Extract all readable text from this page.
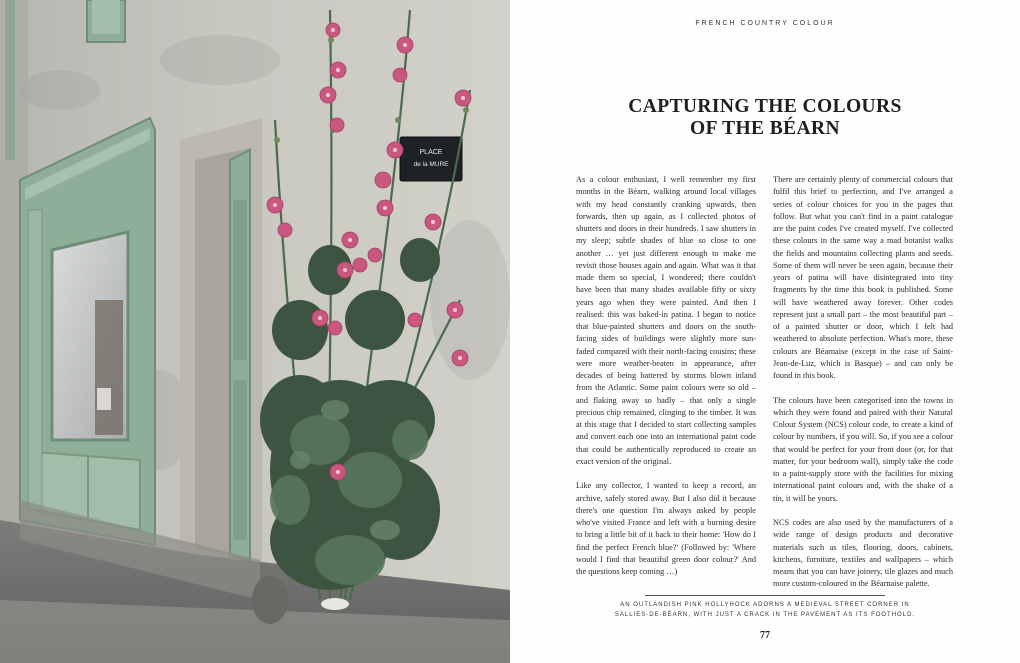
PLACE
de la MURE
FRENCH COUNTRY COLOUR
CAPTURING THE COLOURS
OF THE BÉARN

As a colour enthusiast, I well remember my first months in the Béarn, walking around local villages with my head constantly cranking upwards, then forwards, then up again, as I collected photos of shutters and doors in their hundreds. I saw shutters in my sleep; subtle shades of blue so close to one another … yet just different enough to make me revisit those houses again and again. What was it that made them so special, I wondered; there couldn't have been that many shades available fifty or sixty years ago when they were painted. And then I realised: this was baked-in patina. I began to notice that blue-painted shutters and doors on the south-facing sides of buildings were slightly more sun-faded compared with their north-facing cousins; these were more weather-beaten in appearance, after decades of being battered by storms blown inland from the Atlantic. Some paint colours were so old – and flaking away so badly – that only a single precious chip remained, clinging to the timber. It was at this stage that I decided to start collecting samples and convert each one into an international paint code that could be authentically reproduced to create an exact version of the original.

Like any collector, I wanted to keep a record, an archive, safely stored away. But I also did it because there's one question I'm always asked by people who've visited France and left with a burning desire to bring a little bit of it back to their home: 'How do I find the perfect French blue?' (Followed by: 'Where would I find that beautiful green door colour?' And the questions keep coming …)

There are certainly plenty of commercial colours that fulfil this brief to perfection, and I've arranged a series of colour choices for you in the pages that follow. But what you can't find in a paint catalogue are the paint codes I've created myself. I've collected these colours in the same way a mad botanist walks the fields and mountains collecting plants and seeds. Some of them will never be seen again, because their years of patina will have disintegrated into tiny fragments by the time this book is published. Some will have weathered away forever. Other codes represent just a small part – the most beautiful part – of a painted shutter or door, which I felt had weathered to absolute perfection. What's more, these colours are Béarnaise (except in the case of Saint-Jean-de-Luz, which is Basque) – and can only be found in this book.

The colours have been categorised into the towns in which they were found and paired with their Natural Colour System (NCS) colour code, to create a kind of colour by numbers, if you will. So, if you see a colour that would be perfect for your front door (or, for that matter, for your bedroom wall), simply take the code to a paint-supply store with the facilities for mixing international paint colours and, with the shake of a tin, it will be yours.

NCS codes are also used by the manufacturers of a wide range of design products and decorative materials such as tiles, flooring, doors, cabinets, kitchens, furniture, textiles and wallpapers – which means that you can have joinery, tile glazes and much more custom-coloured in the Béarnaise palette.

AN OUTLANDISH PINK HOLLYHOCK ADORNS A MEDIEVAL STREET CORNER IN
SALLIES-DE-BÉARN, WITH JUST A CRACK IN THE PAVEMENT AS ITS FOOTHOLD.
77
